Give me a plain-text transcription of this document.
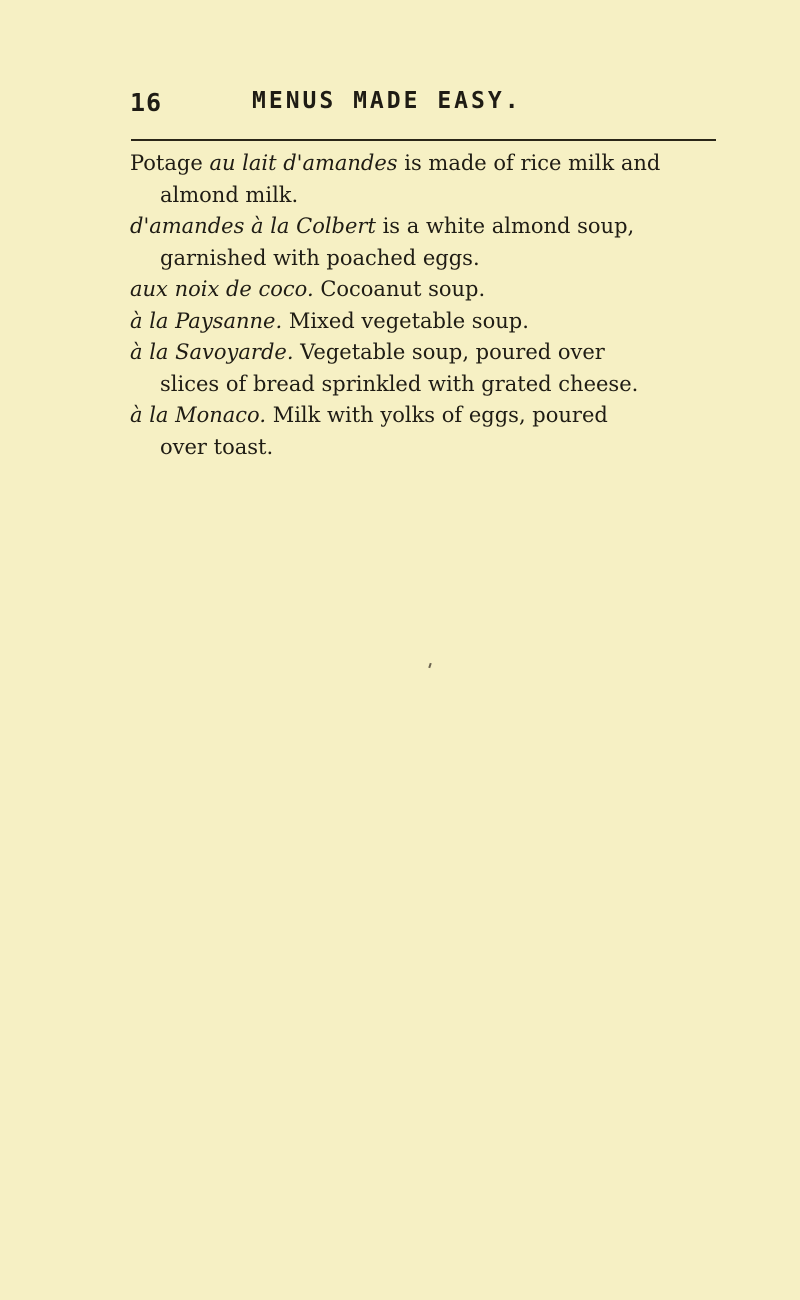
16	MENUS MADE EASY.

Potage au lait d'amandes is made of rice milk and
almond milk.

d'amandes à la Colbert is a white almond soup,
garnished with poached eggs.

aux noix de coco. Cocoanut soup.

à la Paysanne. Mixed vegetable soup.

à la Savoyarde. Vegetable soup, poured over
slices of bread sprinkled with grated cheese.

à la Monaco. Milk with yolks of eggs, poured
over toast.
